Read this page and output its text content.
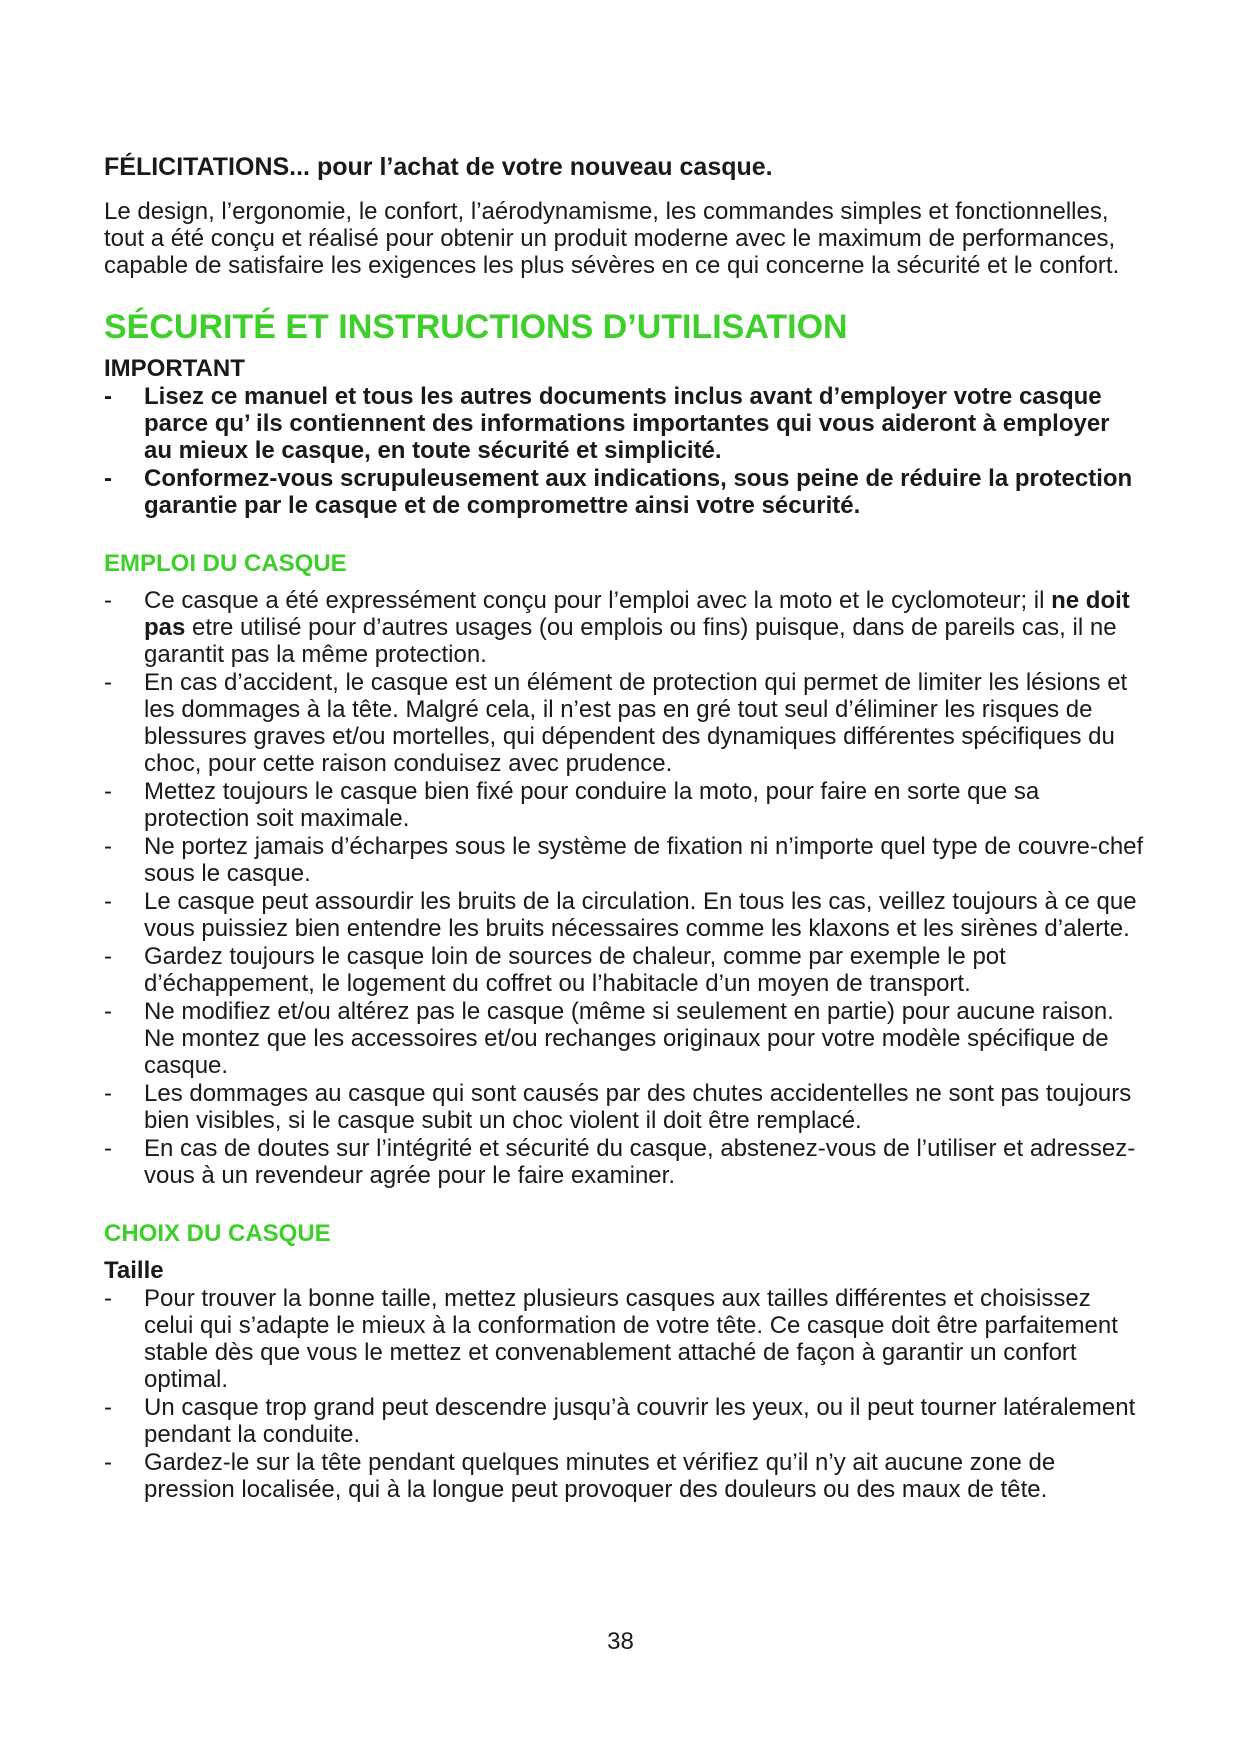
FÉLICITATIONS... pour l’achat de votre nouveau casque.

Le design, l’ergonomie, le confort, l’aérodynamisme, les commandes simples et fonctionnelles, tout a été conçu et réalisé pour obtenir un produit moderne avec le maximum de performances, capable de satisfaire les exigences les plus sévères en ce qui concerne la sécurité et le confort.

SÉCURITÉ ET INSTRUCTIONS D’UTILISATION

IMPORTANT

- Lisez ce manuel et tous les autres documents inclus avant d’employer votre casque parce qu’ ils contiennent des informations importantes qui vous aideront à employer au mieux le casque, en toute sécurité et simplicité.
- Conformez-vous scrupuleusement aux indications, sous peine de réduire la protection garantie par le casque et de compromettre ainsi votre sécurité.

EMPLOI DU CASQUE

- Ce casque a été expressément conçu pour l’emploi avec la moto et le cyclomoteur; il ne doit pas etre utilisé pour d’autres usages (ou emplois ou fins) puisque, dans de pareils cas, il ne garantit pas la même protection.
- En cas d’accident, le casque est un élément de protection qui permet de limiter les lésions et les dommages à la tête. Malgré cela, il n’est pas en gré tout seul d’éliminer les risques de blessures graves et/ou mortelles, qui dépendent des dynamiques différentes spécifiques du choc, pour cette raison conduisez avec prudence.
- Mettez toujours le casque bien fixé pour conduire la moto, pour faire en sorte que sa protection soit maximale.
- Ne portez jamais d’écharpes sous le système de fixation ni n’importe quel type de couvre-chef sous le casque.
- Le casque peut assourdir les bruits de la circulation. En tous les cas, veillez toujours à ce que vous puissiez bien entendre les bruits nécessaires comme les klaxons et les sirènes d’alerte.
- Gardez toujours le casque loin de sources de chaleur, comme par exemple le pot d’échappement, le logement du coffret ou l’habitacle d’un moyen de transport.
- Ne modifiez et/ou altérez pas le casque (même si seulement en partie) pour aucune raison. Ne montez que les accessoires et/ou rechanges originaux pour votre modèle spécifique de casque.
- Les dommages au casque qui sont causés par des chutes accidentelles ne sont pas toujours bien visibles, si le casque subit un choc violent il doit être remplacé.
- En cas de doutes sur l’intégrité et sécurité du casque, abstenez-vous de l’utiliser et adressez-vous à un revendeur agrée pour le faire examiner.

CHOIX DU CASQUE

Taille

- Pour trouver la bonne taille, mettez plusieurs casques aux tailles différentes et choisissez celui qui s’adapte le mieux à la conformation de votre tête. Ce casque doit être parfaitement stable dès que vous le mettez et convenablement attaché de façon à garantir un confort optimal.
- Un casque trop grand peut descendre jusqu’à couvrir les yeux, ou il peut tourner latéralement pendant la conduite.
- Gardez-le sur la tête pendant quelques minutes et vérifiez qu’il n’y ait aucune zone de pression localisée, qui à la longue peut provoquer des douleurs ou des maux de tête.
38
